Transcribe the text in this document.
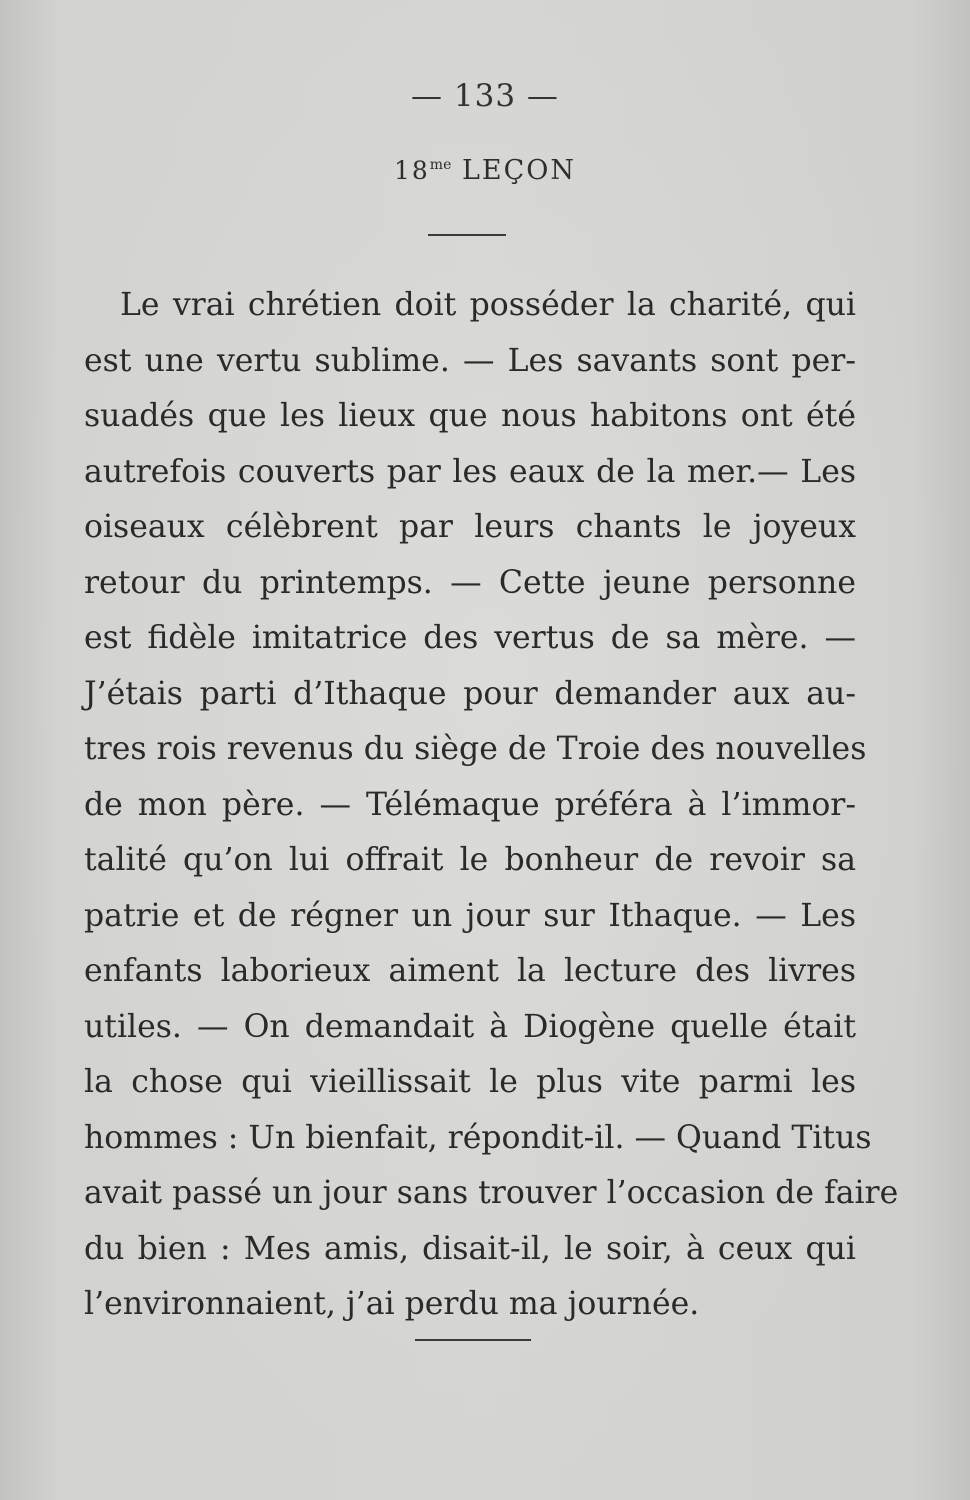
— 133 —
$18^{me}$ LEÇON
Le vrai chrétien doit posséder la charité, qui
est une vertu sublime. — Les savants sont per-
suadés que les lieux que nous habitons ont été
autrefois couverts par les eaux de la mer.— Les
oiseaux célèbrent par leurs chants le joyeux
retour du printemps. — Cette jeune personne
est fidèle imitatrice des vertus de sa mère. —
J’étais parti d’Ithaque pour demander aux au-
tres rois revenus du siège de Troie des nouvelles
de mon père. — Télémaque préféra à l’immor-
talité qu’on lui offrait le bonheur de revoir sa
patrie et de régner un jour sur Ithaque. — Les
enfants laborieux aiment la lecture des livres
utiles. — On demandait à Diogène quelle était
la chose qui vieillissait le plus vite parmi les
hommes : Un bienfait, répondit-il. — Quand Titus
avait passé un jour sans trouver l’occasion de faire
du bien : Mes amis, disait-il, le soir, à ceux qui
l’environnaient, j’ai perdu ma journée.
